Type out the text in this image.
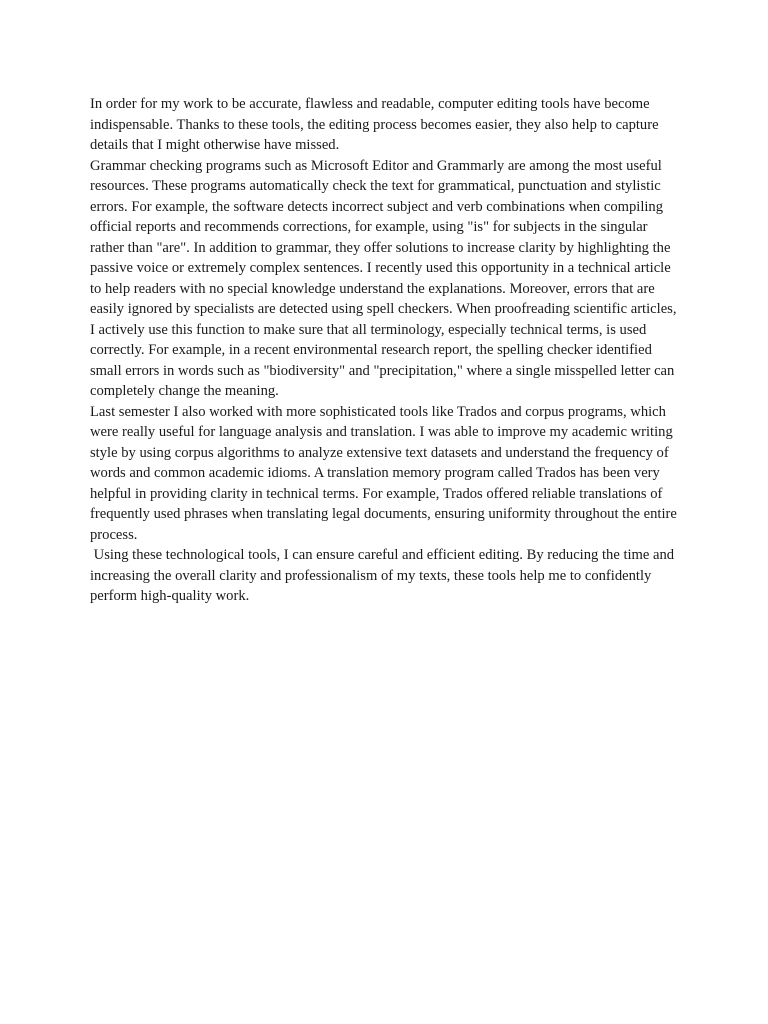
In order for my work to be accurate, flawless and readable, computer editing tools have become indispensable. Thanks to these tools, the editing process becomes easier, they also help to capture details that I might otherwise have missed.

Grammar checking programs such as Microsoft Editor and Grammarly are among the most useful resources. These programs automatically check the text for grammatical, punctuation and stylistic errors. For example, the software detects incorrect subject and verb combinations when compiling official reports and recommends corrections, for example, using "is" for subjects in the singular rather than "are". In addition to grammar, they offer solutions to increase clarity by highlighting the passive voice or extremely complex sentences. I recently used this opportunity in a technical article to help readers with no special knowledge understand the explanations. Moreover, errors that are easily ignored by specialists are detected using spell checkers. When proofreading scientific articles, I actively use this function to make sure that all terminology, especially technical terms, is used correctly. For example, in a recent environmental research report, the spelling checker identified small errors in words such as "biodiversity" and "precipitation," where a single misspelled letter can completely change the meaning.

Last semester I also worked with more sophisticated tools like Trados and corpus programs, which were really useful for language analysis and translation. I was able to improve my academic writing style by using corpus algorithms to analyze extensive text datasets and understand the frequency of words and common academic idioms. A translation memory program called Trados has been very helpful in providing clarity in technical terms. For example, Trados offered reliable translations of frequently used phrases when translating legal documents, ensuring uniformity throughout the entire process.

Using these technological tools, I can ensure careful and efficient editing. By reducing the time and increasing the overall clarity and professionalism of my texts, these tools help me to confidently perform high-quality work.
